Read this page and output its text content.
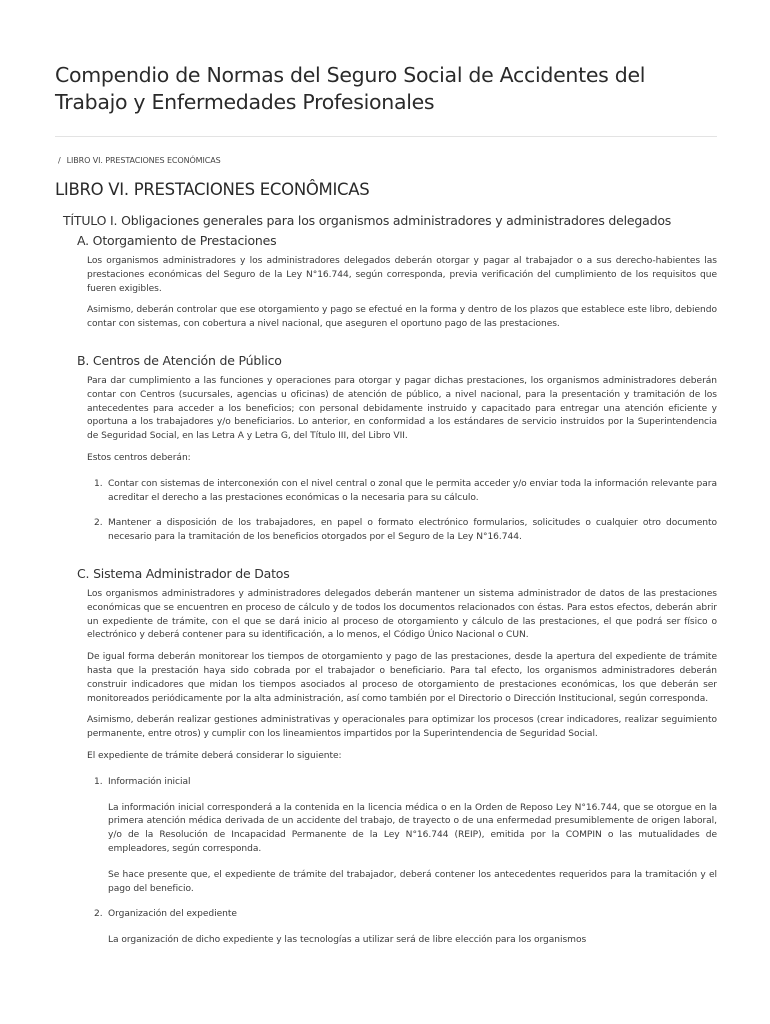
Compendio de Normas del Seguro Social de Accidentes del
Trabajo y Enfermedades Profesionales
/ LIBRO VI. PRESTACIONES ECONÓMICAS
LIBRO VI. PRESTACIONES ECONÔMICAS
TÍTULO I. Obligaciones generales para los organismos administradores y administradores delegados
A. Otorgamiento de Prestaciones

Los organismos administradores y los administradores delegados deberán otorgar y pagar al trabajador o a sus derecho-habientes las prestaciones económicas del Seguro de la Ley N°16.744, según corresponda, previa verificación del cumplimiento de los requisitos que fueren exigibles.

Asimismo, deberán controlar que ese otorgamiento y pago se efectué en la forma y dentro de los plazos que establece este libro, debiendo contar con sistemas, con cobertura a nivel nacional, que aseguren el oportuno pago de las prestaciones.

B. Centros de Atención de Público

Para dar cumplimiento a las funciones y operaciones para otorgar y pagar dichas prestaciones, los organismos administradores deberán contar con Centros (sucursales, agencias u oficinas) de atención de público, a nivel nacional, para la presentación y tramitación de los antecedentes para acceder a los beneficios; con personal debidamente instruido y capacitado para entregar una atención eficiente y oportuna a los trabajadores y/o beneficiarios. Lo anterior, en conformidad a los estándares de servicio instruidos por la Superintendencia de Seguridad Social, en las Letra A y Letra G, del Título III, del Libro VII.

Estos centros deberán:

1. Contar con sistemas de interconexión con el nivel central o zonal que le permita acceder y/o enviar toda la información relevante para acreditar el derecho a las prestaciones económicas o la necesaria para su cálculo.

2. Mantener a disposición de los trabajadores, en papel o formato electrónico formularios, solicitudes o cualquier otro documento necesario para la tramitación de los beneficios otorgados por el Seguro de la Ley N°16.744.

C. Sistema Administrador de Datos

Los organismos administradores y administradores delegados deberán mantener un sistema administrador de datos de las prestaciones económicas que se encuentren en proceso de cálculo y de todos los documentos relacionados con éstas. Para estos efectos, deberán abrir un expediente de trámite, con el que se dará inicio al proceso de otorgamiento y cálculo de las prestaciones, el que podrá ser físico o electrónico y deberá contener para su identificación, a lo menos, el Código Único Nacional o CUN.

De igual forma deberán monitorear los tiempos de otorgamiento y pago de las prestaciones, desde la apertura del expediente de trámite hasta que la prestación haya sido cobrada por el trabajador o beneficiario. Para tal efecto, los organismos administradores deberán construir indicadores que midan los tiempos asociados al proceso de otorgamiento de prestaciones económicas, los que deberán ser monitoreados periódicamente por la alta administración, así como también por el Directorio o Dirección Institucional, según corresponda.

Asimismo, deberán realizar gestiones administrativas y operacionales para optimizar los procesos (crear indicadores, realizar seguimiento permanente, entre otros) y cumplir con los lineamientos impartidos por la Superintendencia de Seguridad Social.

El expediente de trámite deberá considerar lo siguiente:

1. Información inicial

La información inicial corresponderá a la contenida en la licencia médica o en la Orden de Reposo Ley N°16.744, que se otorgue en la primera atención médica derivada de un accidente del trabajo, de trayecto o de una enfermedad presumiblemente de origen laboral, y/o de la Resolución de Incapacidad Permanente de la Ley N°16.744 (REIP), emitida por la COMPIN o las mutualidades de empleadores, según corresponda.

Se hace presente que, el expediente de trámite del trabajador, deberá contener los antecedentes requeridos para la tramitación y el pago del beneficio.

2. Organización del expediente

La organización de dicho expediente y las tecnologías a utilizar será de libre elección para los organismos
